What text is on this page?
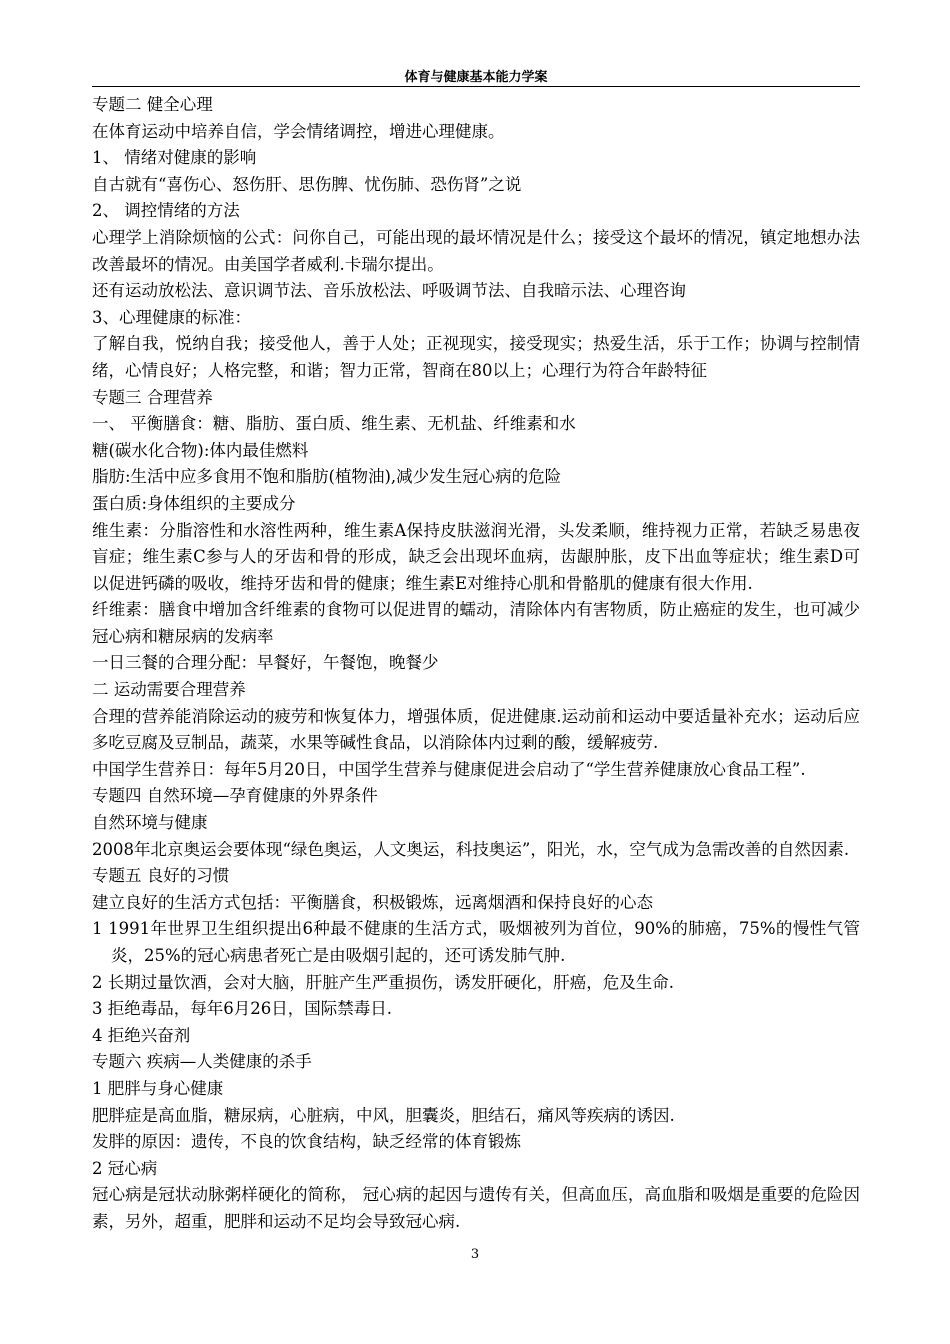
体育与健康基本能力学案

专题二 健全心理

在体育运动中培养自信，学会情绪调控，增进心理健康。

1、 情绪对健康的影响

自古就有“喜伤心、怒伤肝、思伤脾、忧伤肺、恐伤肾”之说

2、 调控情绪的方法

心理学上消除烦恼的公式：问你自己，可能出现的最坏情况是什么；接受这个最坏的情况，镇定地想办法改善最坏的情况。由美国学者威利.卡瑞尔提出。

还有运动放松法、意识调节法、音乐放松法、呼吸调节法、自我暗示法、心理咨询

3、心理健康的标准：

了解自我，悦纳自我；接受他人，善于人处；正视现实，接受现实；热爱生活，乐于工作；协调与控制情绪，心情良好；人格完整，和谐；智力正常，智商在80以上；心理行为符合年龄特征

专题三 合理营养

一、 平衡膳食：糖、脂肪、蛋白质、维生素、无机盐、纤维素和水

糖(碳水化合物):体内最佳燃料

脂肪:生活中应多食用不饱和脂肪(植物油),减少发生冠心病的危险

蛋白质:身体组织的主要成分

维生素：分脂溶性和水溶性两种，维生素A保持皮肤滋润光滑，头发柔顺，维持视力正常，若缺乏易患夜盲症；维生素C参与人的牙齿和骨的形成，缺乏会出现坏血病，齿龈肿胀，皮下出血等症状；维生素D可以促进钙磷的吸收，维持牙齿和骨的健康；维生素E对维持心肌和骨骼肌的健康有很大作用.

纤维素：膳食中增加含纤维素的食物可以促进胃的蠕动，清除体内有害物质，防止癌症的发生，也可减少冠心病和糖尿病的发病率

一日三餐的合理分配：早餐好，午餐饱，晚餐少

二 运动需要合理营养

合理的营养能消除运动的疲劳和恢复体力，增强体质，促进健康.运动前和运动中要适量补充水；运动后应多吃豆腐及豆制品，蔬菜，水果等碱性食品，以消除体内过剩的酸，缓解疲劳.

中国学生营养日：每年5月20日，中国学生营养与健康促进会启动了“学生营养健康放心食品工程”.

专题四 自然环境—孕育健康的外界条件

自然环境与健康

2008年北京奥运会要体现“绿色奥运，人文奥运，科技奥运”，阳光，水，空气成为急需改善的自然因素.

专题五 良好的习惯

建立良好的生活方式包括：平衡膳食，积极锻炼，远离烟酒和保持良好的心态

1 1991年世界卫生组织提出6种最不健康的生活方式，吸烟被列为首位，90%的肺癌，75%的慢性气管炎，25%的冠心病患者死亡是由吸烟引起的，还可诱发肺气肿.

2 长期过量饮酒，会对大脑，肝脏产生严重损伤，诱发肝硬化，肝癌，危及生命.

3 拒绝毒品，每年6月26日，国际禁毒日.

4 拒绝兴奋剂

专题六 疾病—人类健康的杀手

1 肥胖与身心健康

肥胖症是高血脂，糖尿病，心脏病，中风，胆囊炎，胆结石，痛风等疾病的诱因.

发胖的原因：遗传，不良的饮食结构，缺乏经常的体育锻炼

2 冠心病

冠心病是冠状动脉粥样硬化的简称， 冠心病的起因与遗传有关，但高血压，高血脂和吸烟是重要的危险因素，另外，超重，肥胖和运动不足均会导致冠心病.

3
